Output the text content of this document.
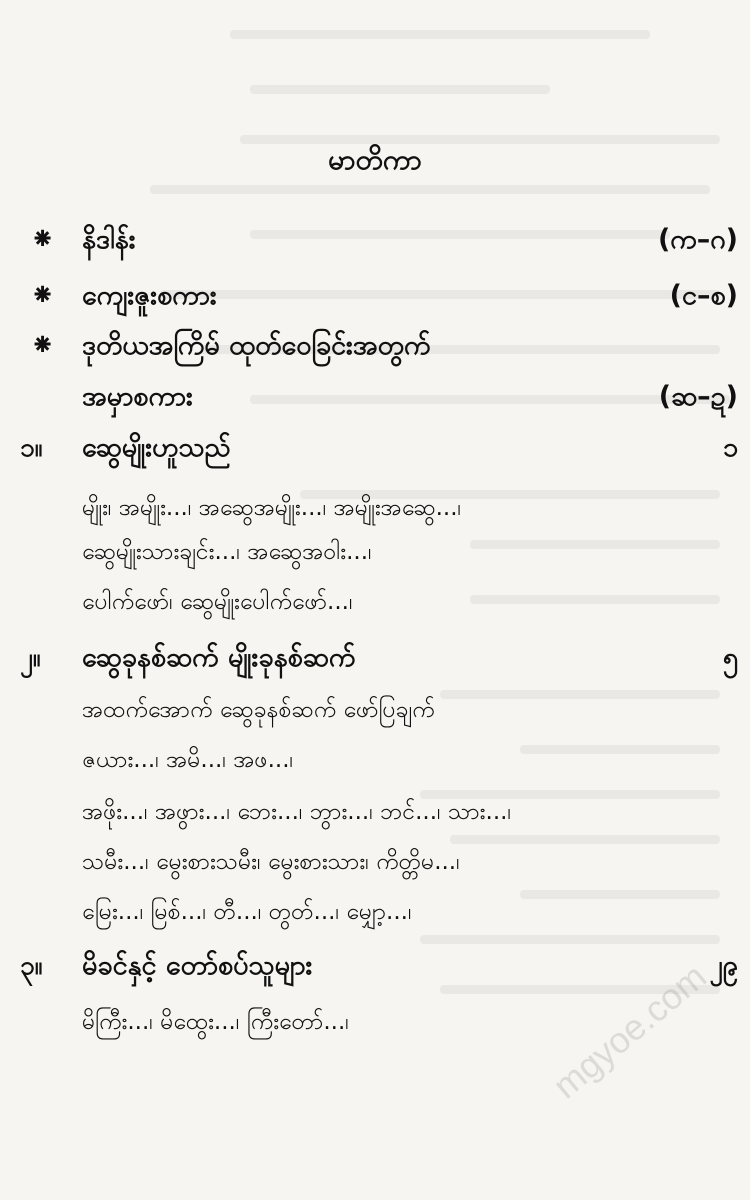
မာတိကာ
⁕ နိဒါန်း	(က–ဂ)
⁕ ကျေးဇူးစကား	(င–စ)
⁕ ဒုတိယအကြိမ် ထုတ်ဝေခြင်းအတွက်
အမှာစကား	(ဆ–ဍ)
၁။ ဆွေမျိုးဟူသည်	၁
မျိုး၊ အမျိုး...၊ အဆွေအမျိုး...၊ အမျိုးအဆွေ...၊
ဆွေမျိုးသားချင်း...၊ အဆွေအဝါး...၊
ပေါက်ဖော်၊ ဆွေမျိုးပေါက်ဖော်...၊
၂။ ဆွေခုနစ်ဆက် မျိုးခုနစ်ဆက်	၅
အထက်အောက် ဆွေခုနစ်ဆက် ဖော်ပြချက်
ဇယား...၊ အမိ...၊ အဖ...၊
အဖိုး...၊ အဖွား...၊ ဘေး...၊ ဘွား...၊ ဘင်...၊ သား...၊
သမီး...၊ မွေးစားသမီး၊ မွေးစားသား၊ ကိတ္တိမ...၊
မြေး...၊ မြစ်...၊ တီ...၊ တွတ်...၊ မျှော့...၊
၃။ မိခင်နှင့် တော်စပ်သူများ	၂၉
မိကြီး...၊ မိထွေး...၊ ကြီးတော်...၊	mgyoe.com
